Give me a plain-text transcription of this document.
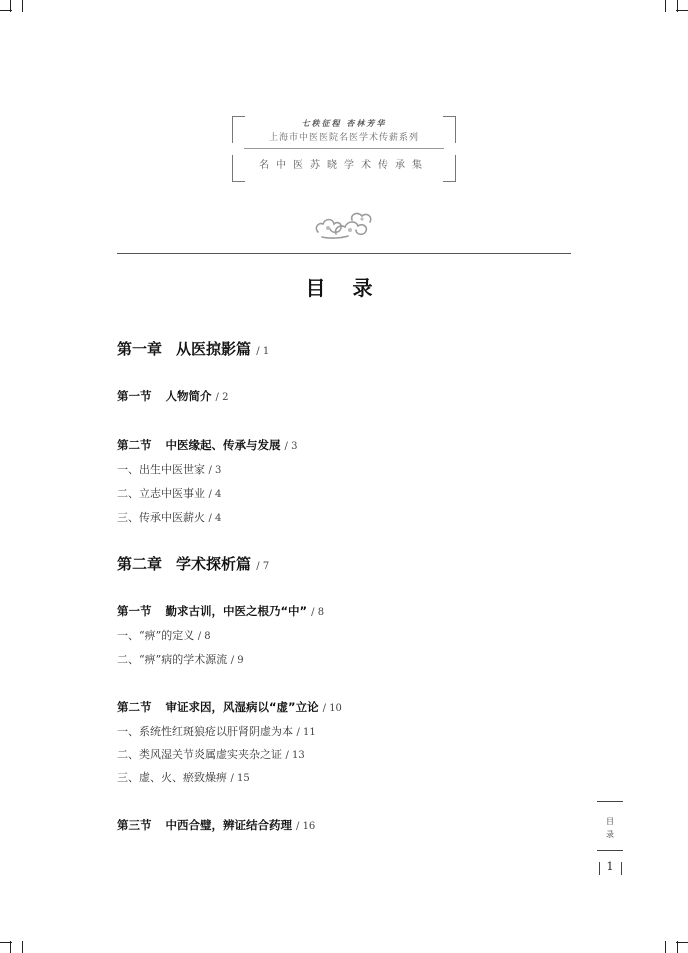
七秩征程 杏林芳华
上海市中医医院名医学术传薪系列
名中医苏晓学术传承集
目 录
第一章 从医掠影篇 / 1
第一节 人物简介 / 2
第二节 中医缘起、传承与发展 / 3
一、出生中医世家 / 3
二、立志中医事业 / 4
三、传承中医薪火 / 4
第二章 学术探析篇 / 7
第一节 勤求古训，中医之根乃“中” / 8
一、“痹”的定义 / 8
二、“痹”病的学术源流 / 9
第二节 审证求因，风湿病以“虚”立论 / 10
一、系统性红斑狼疮以肝肾阴虚为本 / 11
二、类风湿关节炎属虚实夹杂之证 / 13
三、虚、火、瘀致燥痹 / 15
第三节 中西合璧，辨证结合药理 / 16	目
录
1
